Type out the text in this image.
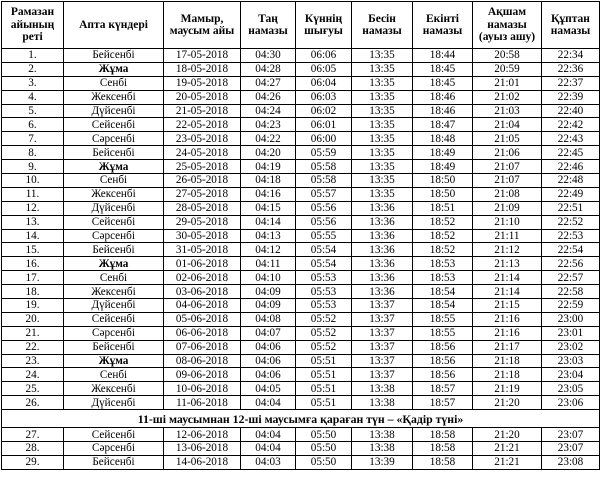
Рамазан айының реті	Апта күндері	Мамыр, маусым айы	Таң намазы	Күннің шығуы	Бесін намазы	Екінті намазы	Ақшам намазы (ауыз ашу)	Құптан намазы
1.	Бейсенбі	17-05-2018	04:30	06:06	13:35	18:44	20:58	22:34
2.	Жұма	18-05-2018	04:28	06:05	13:35	18:45	20:59	22:36
3.	Сенбі	19-05-2018	04:27	06:04	13:35	18:45	21:01	22:37
4.	Жексенбі	20-05-2018	04:26	06:03	13:35	18:46	21:02	22:39
5.	Дүйсенбі	21-05-2018	04:24	06:02	13:35	18:46	21:03	22:40
6.	Сейсенбі	22-05-2018	04:23	06:01	13:35	18:47	21:04	22:42
7.	Сәрсенбі	23-05-2018	04:22	06:00	13:35	18:48	21:05	22:43
8.	Бейсенбі	24-05-2018	04:20	05:59	13:35	18:49	21:06	22:45
9.	Жұма	25-05-2018	04:19	05:58	13:35	18:49	21:07	22:46
10.	Сенбі	26-05-2018	04:18	05:58	13:35	18:50	21:07	22:48
11.	Жексенбі	27-05-2018	04:16	05:57	13:35	18:50	21:08	22:49
12.	Дүйсенбі	28-05-2018	04:15	05:56	13:36	18:51	21:09	22:51
13.	Сейсенбі	29-05-2018	04:14	05:56	13:36	18:52	21:10	22:52
14.	Сәрсенбі	30-05-2018	04:13	05:55	13:36	18:52	21:11	22:53
15.	Бейсенбі	31-05-2018	04:12	05:54	13:36	18:52	21:12	22:54
16.	Жұма	01-06-2018	04:11	05:54	13:36	18:53	21:13	22:56
17.	Сенбі	02-06-2018	04:10	05:53	13:36	18:53	21:14	22:57
18.	Жексенбі	03-06-2018	04:09	05:53	13:36	18:54	21:14	22:58
19.	Дүйсенбі	04-06-2018	04:09	05:53	13:37	18:54	21:15	22:59
20.	Сейсенбі	05-06-2018	04:08	05:52	13:37	18:55	21:16	23:00
21.	Сәрсенбі	06-06-2018	04:07	05:52	13:37	18:55	21:16	23:01
22.	Бейсенбі	07-06-2018	04:06	05:52	13:37	18:56	21:17	23:02
23.	Жұма	08-06-2018	04:06	05:51	13:37	18:56	21:18	23:03
24.	Сенбі	09-06-2018	04:06	05:51	13:37	18:56	21:18	23:04
25.	Жексенбі	10-06-2018	04:05	05:51	13:38	18:57	21:19	23:05
26.	Дүйсенбі	11-06-2018	04:04	05:51	13:38	18:57	21:20	23:06
11-ші маусымнан 12-ші маусымға қараған түн – «Қадір түні»								
27.	Сейсенбі	12-06-2018	04:04	05:50	13:38	18:58	21:20	23:07
28.	Сәрсенбі	13-06-2018	04:04	05:50	13:38	18:58	21:21	23:07
29.	Бейсенбі	14-06-2018	04:03	05:50	13:39	18:58	21:21	23:08
